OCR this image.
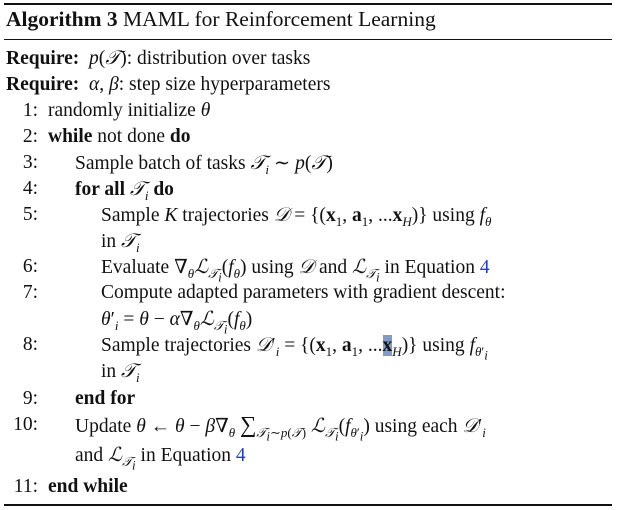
Algorithm 3 MAML for Reinforcement Learning
Require: p(𝒯): distribution over tasks
Require: α, β: step size hyperparameters
1: randomly initialize θ
2: while not done do
3: Sample batch of tasks 𝒯$_i$ ∼ p(𝒯)
4: for all 𝒯$_i$ do
5:	Sample K trajectories 𝒟 = {($x_1$, $a_1$, $...x_H$)} using $f_\theta$
in 𝒯$_i$
6:	Evaluate $\nabla_\theta ℒ_{𝒯_i}(f_\theta)$ using 𝒟 and ℒ$_{𝒯_i}$ in Equation 4
7:	Compute adapted parameters with gradient descent:
$\theta'_i = \theta$ − $\alpha\nabla_\theta ℒ_{𝒯_i}(f_\theta)$
8:	Sample trajectories $𝒟'_i = \{(x_1$, $a_1$, $...x_H$)} using $f_{\theta'_i}$
in 𝒯$_i$
9: end for
10: Update θ ← $\theta - \beta\nabla_\theta$ $\sum_{𝒯_i\sim p(𝒯)}$ $ℒ_{𝒯_i}(f_{\theta'_i})$ using each $𝒟'_i$
and ℒ$_{𝒯_i}$ in Equation 4
11: end while
